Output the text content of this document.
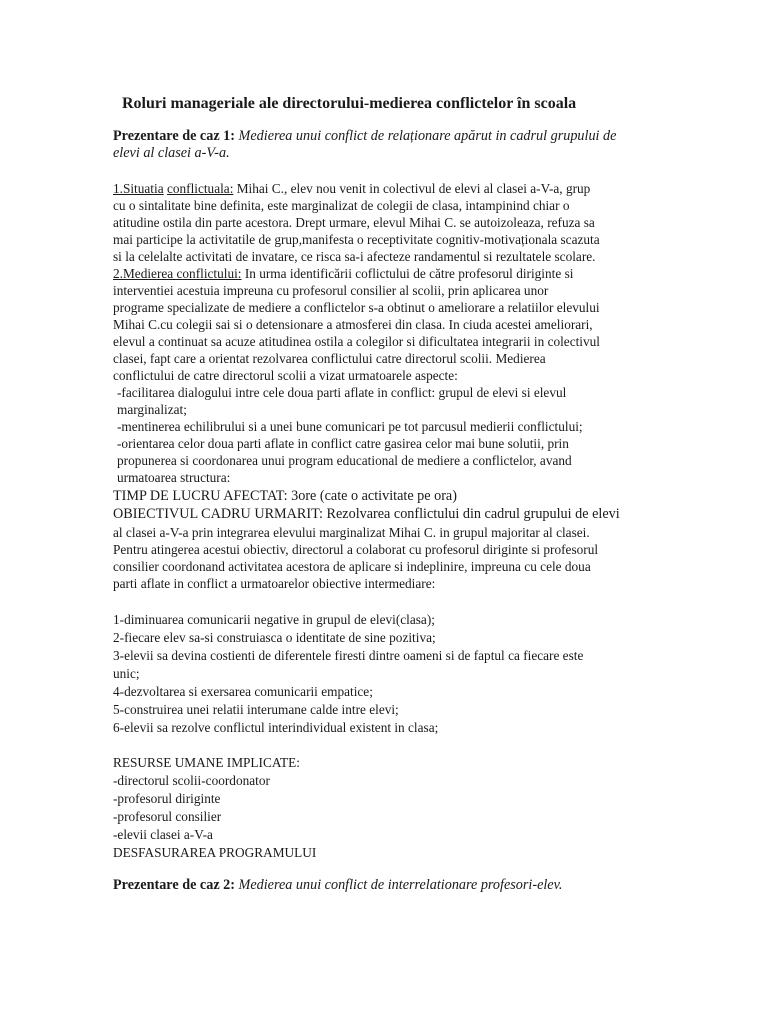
Roluri manageriale ale directorului-medierea conflictelor în scoala

Prezentare de caz 1: Medierea unui conflict de relaționare apărut in cadrul grupului de

elevi al clasei a-V-a.

1.Situatia conflictuala: Mihai C., elev nou venit in colectivul de elevi al clasei a-V-a, grup

cu o sintalitate bine definita, este marginalizat de colegii de clasa, intampinind chiar o

atitudine ostila din parte acestora. Drept urmare, elevul Mihai C. se autoizoleaza, refuza sa

mai participe la activitatile de grup,manifesta o receptivitate cognitiv-motivaționala scazuta

si la celelalte activitati de invatare, ce risca sa-i afecteze randamentul si rezultatele scolare.

2.Medierea conflictului: In urma identificării coflictului de către profesorul diriginte si

interventiei acestuia impreuna cu profesorul consilier al scolii, prin aplicarea unor

programe specializate de mediere a conflictelor s-a obtinut o ameliorare a relatiilor elevului

Mihai C.cu colegii sai si o detensionare a atmosferei din clasa. In ciuda acestei ameliorari,

elevul a continuat sa acuze atitudinea ostila a colegilor si dificultatea integrarii in colectivul

clasei, fapt care a orientat rezolvarea conflictului catre directorul scolii. Medierea

conflictului de catre directorul scolii a vizat urmatoarele aspecte:

-facilitarea dialogului intre cele doua parti aflate in conflict: grupul de elevi si elevul

marginalizat;

-mentinerea echilibrului si a unei bune comunicari pe tot parcusul medierii conflictului;

-orientarea celor doua parti aflate in conflict catre gasirea celor mai bune solutii, prin

propunerea si coordonarea unui program educational de mediere a conflictelor, avand

urmatoarea structura:

TIMP DE LUCRU AFECTAT: 3ore (cate o activitate pe ora)

OBIECTIVUL CADRU URMARIT: Rezolvarea conflictului din cadrul grupului de elevi

al clasei a-V-a prin integrarea elevului marginalizat Mihai C. in grupul majoritar al clasei.

Pentru atingerea acestui obiectiv, directorul a colaborat cu profesorul diriginte si profesorul

consilier coordonand activitatea acestora de aplicare si indeplinire, impreuna cu cele doua

parti aflate in conflict a urmatoarelor obiective intermediare:

1-diminuarea comunicarii negative in grupul de elevi(clasa);

2-fiecare elev sa-si construiasca o identitate de sine pozitiva;

3-elevii sa devina costienti de diferentele firesti dintre oameni si de faptul ca fiecare este

unic;

4-dezvoltarea si exersarea comunicarii empatice;

5-construirea unei relatii interumane calde intre elevi;

6-elevii sa rezolve conflictul interindividual existent in clasa;

RESURSE UMANE IMPLICATE:

-directorul scolii-coordonator

-profesorul diriginte

-profesorul consilier

-elevii clasei a-V-a

DESFASURAREA PROGRAMULUI

Prezentare de caz 2: Medierea unui conflict de interrelationare profesori-elev.
